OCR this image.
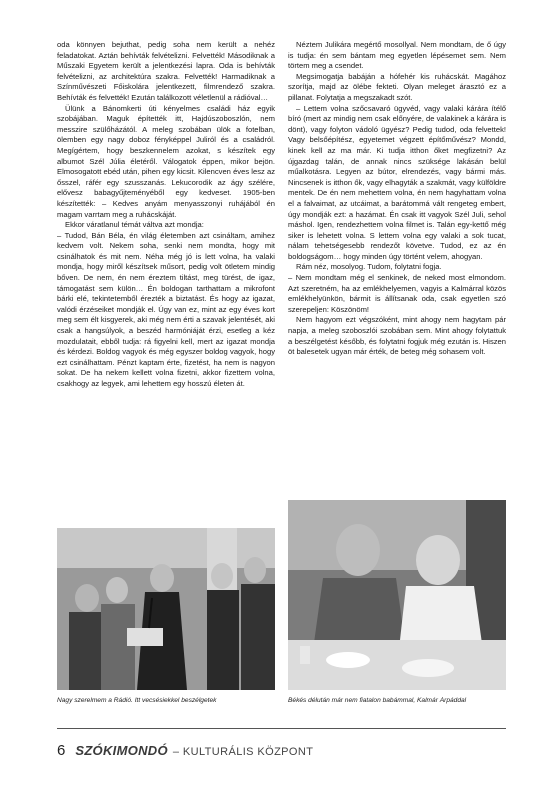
oda könnyen bejuthat, pedig soha nem került a nehéz feladatokat. Aztán behívták felvételizni. Felvették! Másodiknak a Műszaki Egyetem került a jelentkezési lapra. Oda is behívták felvételizni, az architektúra szakra. Felvették! Harmadiknak a Színművészeti Főiskolára jelentkezett, filmrendező szakra. Behívták és felvették! Ezután találkozott véletlenül a rádióval…

Ülünk a Bánomkerti úti kényelmes családi ház egyik szobájában. Maguk építették itt, Hajdúszoboszlón, nem messzire szülőházától. A meleg szobában ülök a fotelban, ölemben egy nagy doboz fényképpel Juliról és a családról. Megígértem, hogy beszkennelem azokat, s készítek egy albumot Szél Júlia életéről. Válogatok éppen, mikor bejön. Elmosogatott ebéd után, pihen egy kicsit. Kilencven éves lesz az ősszel, ráfér egy szusszanás. Lekucorodik az ágy szélére, elővesz babagyűjteményéből egy kedveset. 1905-ben készítették: – Kedves anyám menyasszonyi ruhájából én magam varrtam meg a ruhácskáját.

Ekkor váratlanul témát váltva azt mondja:

– Tudod, Bán Béla, én világ életemben azt csináltam, amihez kedvem volt. Nekem soha, senki nem mondta, hogy mit csinálhatok és mit nem. Néha még jó is lett volna, ha valaki mondja, hogy miről készítsek műsort, pedig volt ötletem mindig bőven. De nem, én nem éreztem tiltást, meg türést, de igaz, támogatást sem külön… Én boldogan tarthattam a mikrofont bárki elé, tekintetemből érezték a biztatást. És hogy az igazat, valódi érzéseiket mondják el. Úgy van ez, mint az egy éves kort meg sem élt kisgyerek, aki még nem érti a szavak jelentését, aki csak a hangsúlyok, a beszéd harmóniáját érzi, esetleg a kéz mozdulatait, ebből tudja: rá figyelni kell, mert az igazat mondja és kérdezi. Boldog vagyok és még egyszer boldog vagyok, hogy ezt csinálhattam. Pénzt kaptam érte, fizetést, ha nem is nagyon sokat. De ha nekem kellett volna fizetni, akkor fizettem volna, csakhogy az legyek, ami lehettem egy hosszú életen át.

Néztem Julikára megértő mosollyal. Nem mondtam, de ő úgy is tudja: én sem bántam meg egyetlen lépésemet sem. Nem törtem meg a csendet.

Megsimogatja babáján a hófehér kis ruhácskát. Magához szorítja, majd az ölébe fekteti. Olyan meleget árasztó ez a pillanat. Folytatja a megszakadt szót.

– Lettem volna szőcsavaró ügyvéd, vagy valaki kárára ítélő bíró (mert az mindig nem csak előnyére, de valakinek a kárára is dönt), vagy folyton vádoló ügyész? Pedig tudod, oda felvettek! Vagy belsőépítész, egyetemet végzett építőművész? Mondd, kinek kell az ma már. Ki tudja itthon őket megfizetni? Az újgazdag talán, de annak nincs szüksége lakásán belül műalkotásra. Legyen az bútor, elrendezés, vagy bármi más. Nincsenek is itthon ők, vagy elhagyták a szakmát, vagy külföldre mentek. De én nem mehettem volna, én nem hagyhattam volna el a falvaimat, az utcáimat, a barátommá vált rengeteg embert, úgy mondják ezt: a hazámat. Én csak itt vagyok Szél Juli, sehol máshol. Igen, rendezhettem volna filmet is. Talán egy-kettő még siker is lehetett volna. S lettem volna egy valaki a sok tucat, nálam tehetségesebb rendezőt követve. Tudod, ez az én boldogságom… hogy minden úgy történt velem, ahogyan.

Rám néz, mosolyog. Tudom, folytatni fogja.

– Nem mondtam még el senkinek, de neked most elmondom. Azt szeretném, ha az emlékhelyemen, vagyis a Kalmárral közös emlékhelyünkön, bármit is állítsanak oda, csak egyetlen szó szerepeljen: Köszönöm!

Nem hagyom ezt végszóként, mint ahogy nem hagytam pár napja, a meleg szoboszlói szobában sem. Mint ahogy folytattuk a beszélgetést később, és folytatni fogjuk még ezután is. Hiszen öt balesetek ugyan már érték, de beteg még sohasem volt.

Nagy szerelmem a Rádió. Itt vecsésiekkel beszélgetek	Békés délután már nem fiatalon babámmal, Kalmár Árpáddal
6 SZÓKIMONDÓ – KULTURÁLIS KÖZPONT
